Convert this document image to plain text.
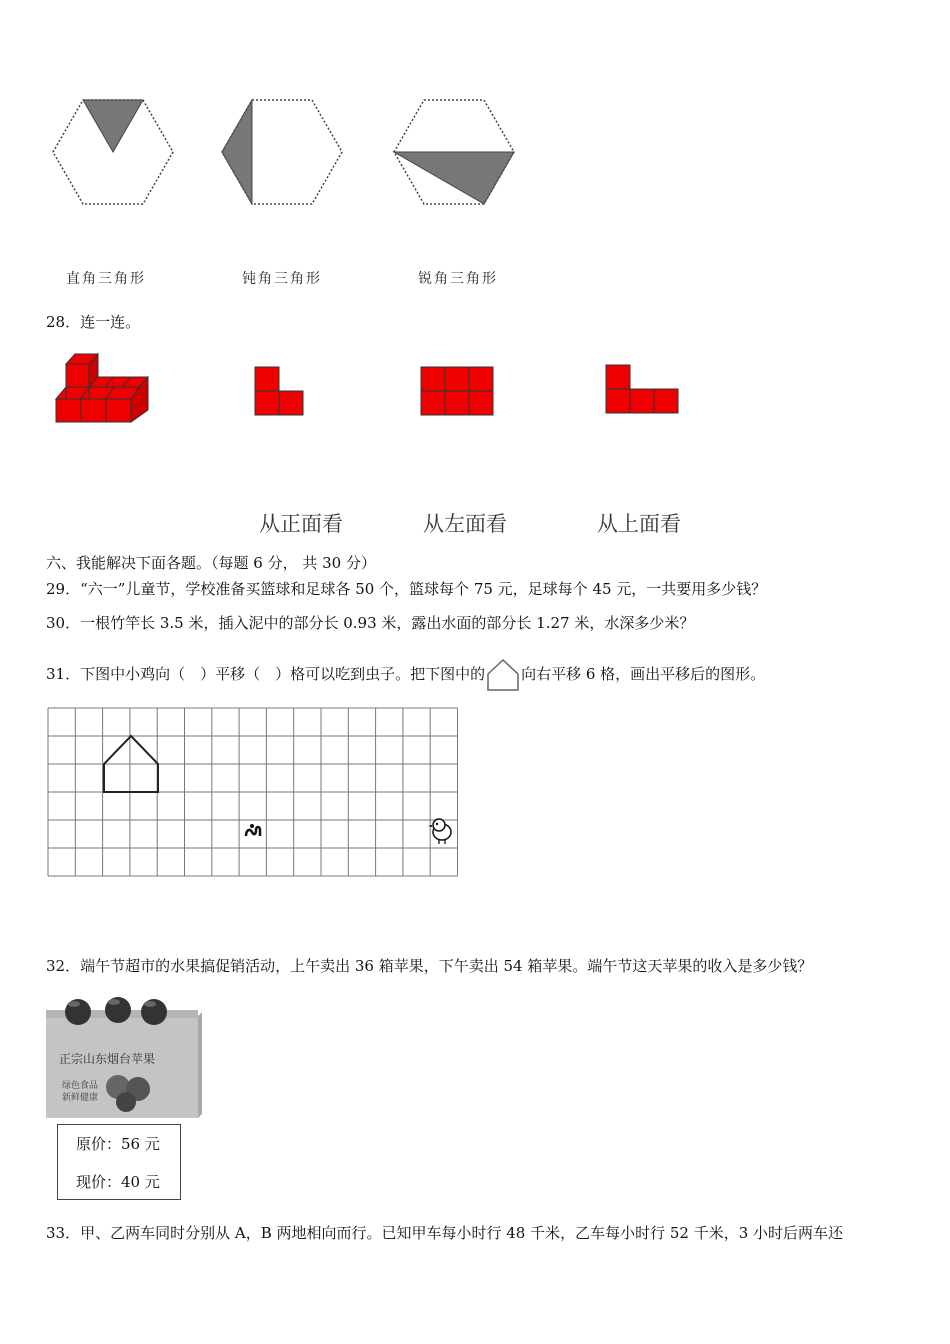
直角三角形	钝角三角形	锐角三角形
28．连一连。
从正面看	从左面看	从上面看
六、我能解决下面各题。（每题 6 分， 共 30 分）
29．“六一”儿童节，学校准备买篮球和足球各 50 个，篮球每个 75 元，足球每个 45 元，一共要用多少钱？
30．一根竹竿长 3.5 米，插入泥中的部分长 0.93 米，露出水面的部分长 1.27 米，水深多少米？
31．下图中小鸡向（　）平移（　）格可以吃到虫子。把下图中的 向右平移 6 格，画出平移后的图形。
32．端午节超市的水果搞促销活动，上午卖出 36 箱苹果，下午卖出 54 箱苹果。端午节这天苹果的收入是多少钱？
正宗山东烟台苹果
绿色食品
新鲜健康
原价：56 元
现价：40 元
33．甲、乙两车同时分别从 A，B 两地相向而行。已知甲车每小时行 48 千米，乙车每小时行 52 千米，3 小时后两车还
